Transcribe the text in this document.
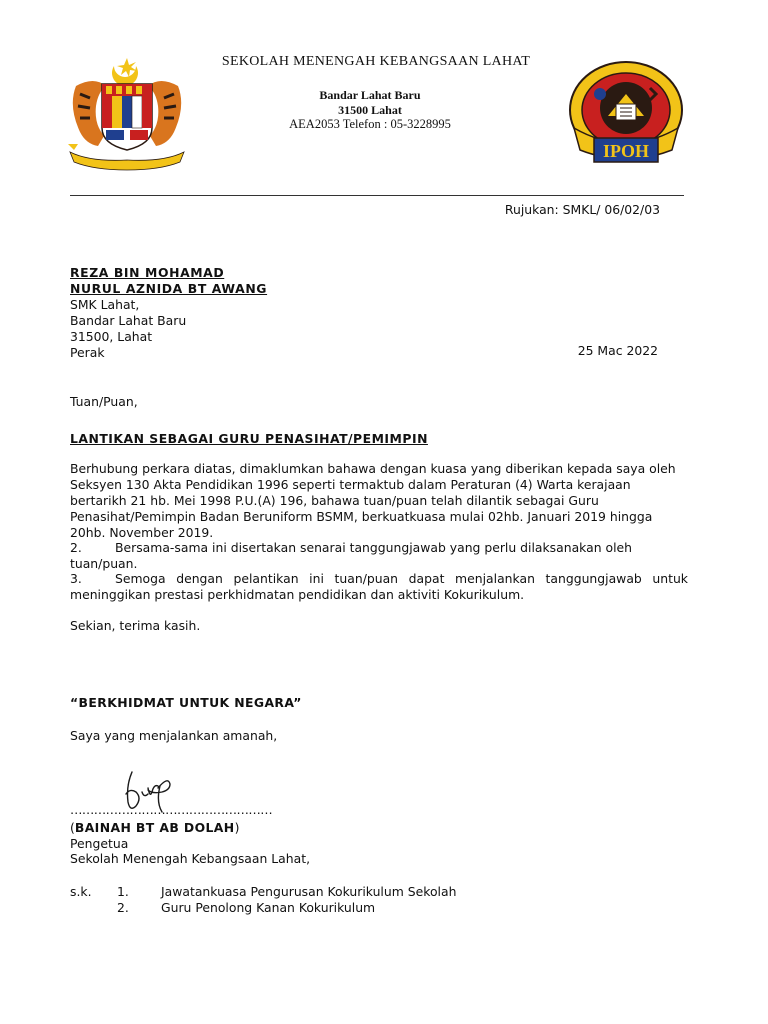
IPOH
SEKOLAH MENENGAH KEBANGSAAN LAHAT
Bandar Lahat Baru
31500 Lahat
AEA2053 Telefon : 05-3228995
Rujukan: SMKL/ 06/02/03
REZA BIN MOHAMAD
NURUL AZNIDA BT AWANG
SMK Lahat,
Bandar Lahat Baru
31500, Lahat
Perak	25 Mac 2022
Tuan/Puan,
LANTIKAN SEBAGAI GURU PENASIHAT/PEMIMPIN
Berhubung perkara diatas, dimaklumkan bahawa dengan kuasa yang diberikan kepada saya oleh Seksyen 130 Akta Pendidikan 1996 seperti termaktub dalam Peraturan (4) Warta kerajaan bertarikh 21 hb. Mei 1998 P.U.(A) 196, bahawa tuan/puan telah dilantik sebagai Guru Penasihat/Pemimpin Badan Beruniform BSMM, berkuatkuasa mulai 02hb. Januari 2019 hingga 20hb. November 2019.
2.	Bersama-sama ini disertakan senarai tanggungjawab yang perlu dilaksanakan oleh tuan/puan.
3.	Semoga dengan pelantikan ini tuan/puan dapat menjalankan tanggungjawab untuk meninggikan prestasi perkhidmatan pendidikan dan aktiviti Kokurikulum.
Sekian, terima kasih.
“BERKHIDMAT UNTUK NEGARA”
Saya yang menjalankan amanah,
……………………………………………
(BAINAH BT AB DOLAH)
Pengetua
Sekolah Menengah Kebangsaan Lahat,
s.k. 1.	Jawatankuasa Pengurusan Kokurikulum Sekolah
2.	Guru Penolong Kanan Kokurikulum
